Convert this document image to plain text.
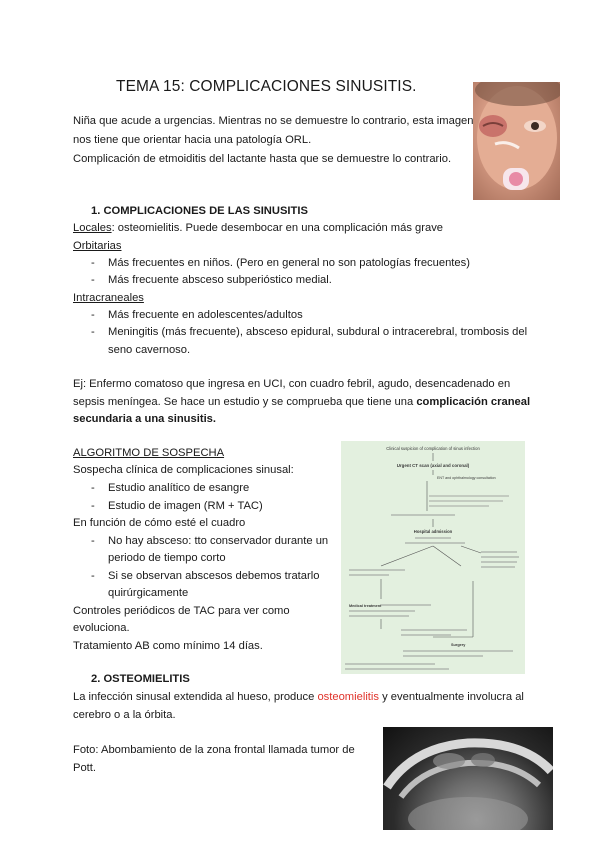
TEMA 15: COMPLICACIONES SINUSITIS.
Niña que acude a urgencias. Mientras no se demuestre lo contrario, esta imagen
nos tiene que orientar hacia una patología ORL.
Complicación de etmoiditis del lactante hasta que se demuestre lo contrario.
1. COMPLICACIONES DE LAS SINUSITIS
Locales: osteomielitis. Puede desembocar en una complicación más grave
Orbitarias
- Más frecuentes en niños. (Pero en general no son patologías frecuentes)
- Más frecuente absceso subperióstico medial.
Intracraneales
- Más frecuente en adolescentes/adultos
- Meningitis (más frecuente), absceso epidural, subdural o intracerebral, trombosis del
seno cavernoso.
Ej: Enfermo comatoso que ingresa en UCI, con cuadro febril, agudo, desencadenado en
sepsis meníngea. Se hace un estudio y se comprueba que tiene una complicación craneal
secundaria a una sinusitis.
ALGORITMO DE SOSPECHA
Sospecha clínica de complicaciones sinusal:
- Estudio analítico de esangre
- Estudio de imagen (RM + TAC)
En función de cómo esté el cuadro
- No hay absceso: tto conservador durante un
periodo de tiempo corto
- Si se observan abscesos debemos tratarlo
quirúrgicamente
Controles periódicos de TAC para ver como
evoluciona.
Tratamiento AB como mínimo 14 días.
Clinical suspicion of complication of sinus infection
Urgent CT scan (axial and coronal)
ENT and ophthalmology consultation
Hospital admission
Medical treatment
Surgery
2. OSTEOMIELITIS
La infección sinusal extendida al hueso, produce osteomielitis y eventualmente involucra al
cerebro o a la órbita.
Foto: Abombamiento de la zona frontal llamada tumor de
Pott.
